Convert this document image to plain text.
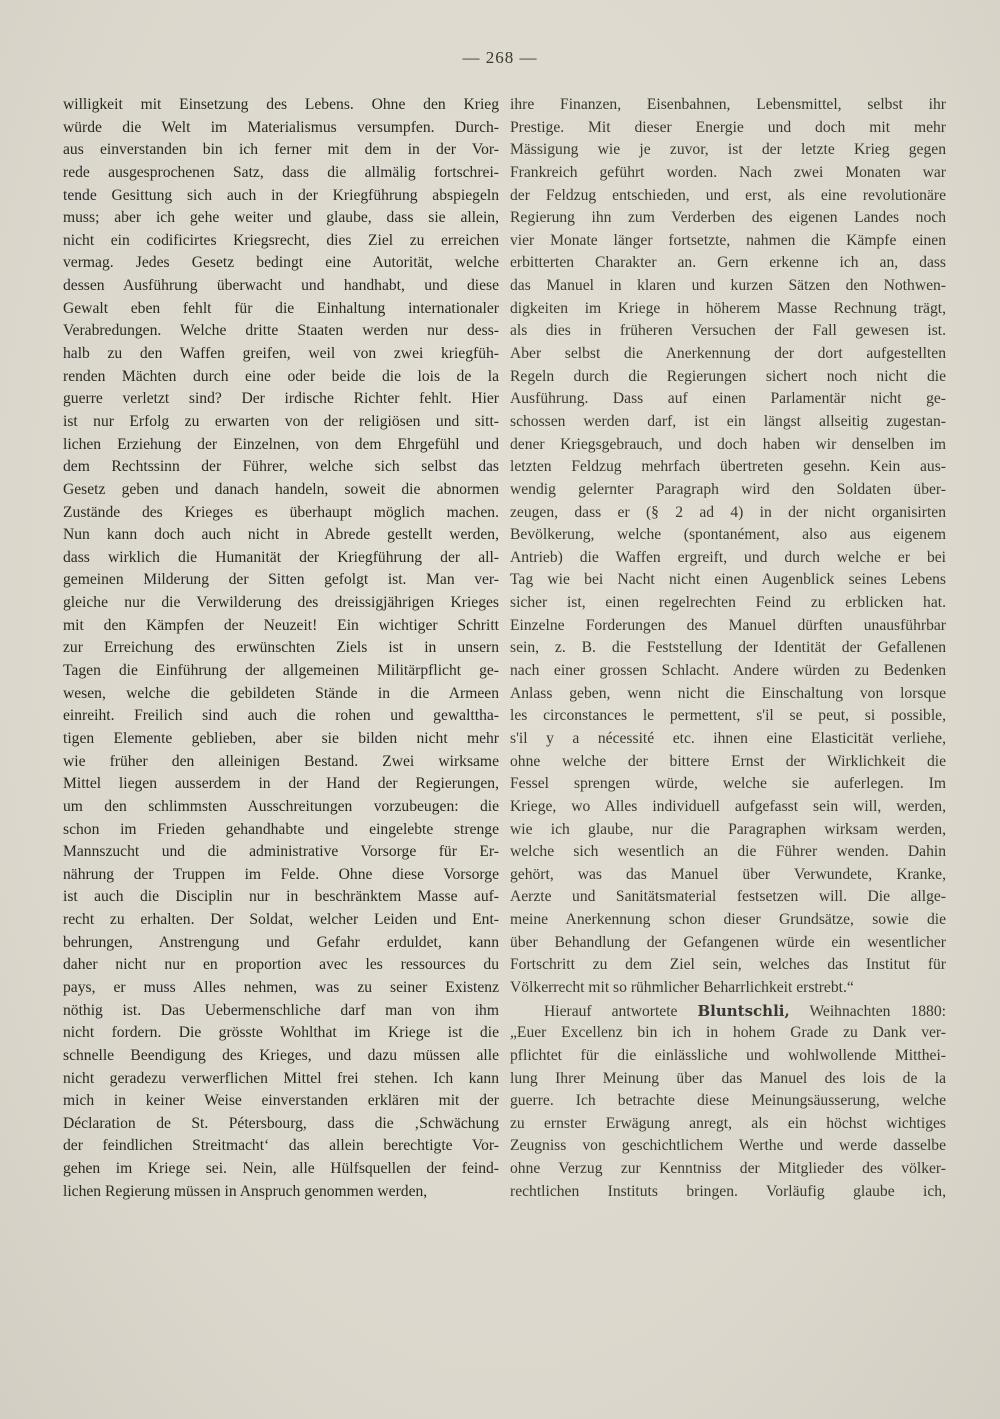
— 268 —
willigkeit mit Einsetzung des Lebens. Ohne den Krieg
würde die Welt im Materialismus versumpfen. Durch-
aus einverstanden bin ich ferner mit dem in der Vor-
rede ausgesprochenen Satz, dass die allmälig fortschrei-
tende Gesittung sich auch in der Kriegführung abspiegeln
muss; aber ich gehe weiter und glaube, dass sie allein,
nicht ein codificirtes Kriegsrecht, dies Ziel zu erreichen
vermag. Jedes Gesetz bedingt eine Autorität, welche
dessen Ausführung überwacht und handhabt, und diese
Gewalt eben fehlt für die Einhaltung internationaler
Verabredungen. Welche dritte Staaten werden nur dess-
halb zu den Waffen greifen, weil von zwei kriegfüh-
renden Mächten durch eine oder beide die lois de la
guerre verletzt sind? Der irdische Richter fehlt. Hier
ist nur Erfolg zu erwarten von der religiösen und sitt-
lichen Erziehung der Einzelnen, von dem Ehrgefühl und
dem Rechtssinn der Führer, welche sich selbst das
Gesetz geben und danach handeln, soweit die abnormen
Zustände des Krieges es überhaupt möglich machen.
Nun kann doch auch nicht in Abrede gestellt werden,
dass wirklich die Humanität der Kriegführung der all-
gemeinen Milderung der Sitten gefolgt ist. Man ver-
gleiche nur die Verwilderung des dreissigjährigen Krieges
mit den Kämpfen der Neuzeit! Ein wichtiger Schritt
zur Erreichung des erwünschten Ziels ist in unsern
Tagen die Einführung der allgemeinen Militärpflicht ge-
wesen, welche die gebildeten Stände in die Armeen
einreiht. Freilich sind auch die rohen und gewalttha-
tigen Elemente geblieben, aber sie bilden nicht mehr
wie früher den alleinigen Bestand. Zwei wirksame
Mittel liegen ausserdem in der Hand der Regierungen,
um den schlimmsten Ausschreitungen vorzubeugen: die
schon im Frieden gehandhabte und eingelebte strenge
Mannszucht und die administrative Vorsorge für Er-
nährung der Truppen im Felde. Ohne diese Vorsorge
ist auch die Disciplin nur in beschränktem Masse auf-
recht zu erhalten. Der Soldat, welcher Leiden und Ent-
behrungen, Anstrengung und Gefahr erduldet, kann
daher nicht nur en proportion avec les ressources du
pays, er muss Alles nehmen, was zu seiner Existenz
nöthig ist. Das Uebermenschliche darf man von ihm
nicht fordern. Die grösste Wohlthat im Kriege ist die
schnelle Beendigung des Krieges, und dazu müssen alle
nicht geradezu verwerflichen Mittel frei stehen. Ich kann
mich in keiner Weise einverstanden erklären mit der
Déclaration de St. Pétersbourg, dass die ‚Schwächung
der feindlichen Streitmacht‘ das allein berechtigte Vor-
gehen im Kriege sei. Nein, alle Hülfsquellen der feind-
lichen Regierung müssen in Anspruch genommen werden,
ihre Finanzen, Eisenbahnen, Lebensmittel, selbst ihr
Prestige. Mit dieser Energie und doch mit mehr
Mässigung wie je zuvor, ist der letzte Krieg gegen
Frankreich geführt worden. Nach zwei Monaten war
der Feldzug entschieden, und erst, als eine revolutionäre
Regierung ihn zum Verderben des eigenen Landes noch
vier Monate länger fortsetzte, nahmen die Kämpfe einen
erbitterten Charakter an. Gern erkenne ich an, dass
das Manuel in klaren und kurzen Sätzen den Nothwen-
digkeiten im Kriege in höherem Masse Rechnung trägt,
als dies in früheren Versuchen der Fall gewesen ist.
Aber selbst die Anerkennung der dort aufgestellten
Regeln durch die Regierungen sichert noch nicht die
Ausführung. Dass auf einen Parlamentär nicht ge-
schossen werden darf, ist ein längst allseitig zugestan-
dener Kriegsgebrauch, und doch haben wir denselben im
letzten Feldzug mehrfach übertreten gesehn. Kein aus-
wendig gelernter Paragraph wird den Soldaten über-
zeugen, dass er (§ 2 ad 4) in der nicht organisirten
Bevölkerung, welche (spontanément, also aus eigenem
Antrieb) die Waffen ergreift, und durch welche er bei
Tag wie bei Nacht nicht einen Augenblick seines Lebens
sicher ist, einen regelrechten Feind zu erblicken hat.
Einzelne Forderungen des Manuel dürften unausführbar
sein, z. B. die Feststellung der Identität der Gefallenen
nach einer grossen Schlacht. Andere würden zu Bedenken
Anlass geben, wenn nicht die Einschaltung von lorsque
les circonstances le permettent, s'il se peut, si possible,
s'il y a nécessité etc. ihnen eine Elasticität verliehe,
ohne welche der bittere Ernst der Wirklichkeit die
Fessel sprengen würde, welche sie auferlegen. Im
Kriege, wo Alles individuell aufgefasst sein will, werden,
wie ich glaube, nur die Paragraphen wirksam werden,
welche sich wesentlich an die Führer wenden. Dahin
gehört, was das Manuel über Verwundete, Kranke,
Aerzte und Sanitätsmaterial festsetzen will. Die allge-
meine Anerkennung schon dieser Grundsätze, sowie die
über Behandlung der Gefangenen würde ein wesentlicher
Fortschritt zu dem Ziel sein, welches das Institut für
Völkerrecht mit so rühmlicher Beharrlichkeit erstrebt.“
Hierauf antwortete Bluntschli, Weihnachten 1880:
„Euer Excellenz bin ich in hohem Grade zu Dank ver-
pflichtet für die einlässliche und wohlwollende Mitthei-
lung Ihrer Meinung über das Manuel des lois de la
guerre. Ich betrachte diese Meinungsäusserung, welche
zu ernster Erwägung anregt, als ein höchst wichtiges
Zeugniss von geschichtlichem Werthe und werde dasselbe
ohne Verzug zur Kenntniss der Mitglieder des völker-
rechtlichen Instituts bringen. Vorläufig glaube ich,
